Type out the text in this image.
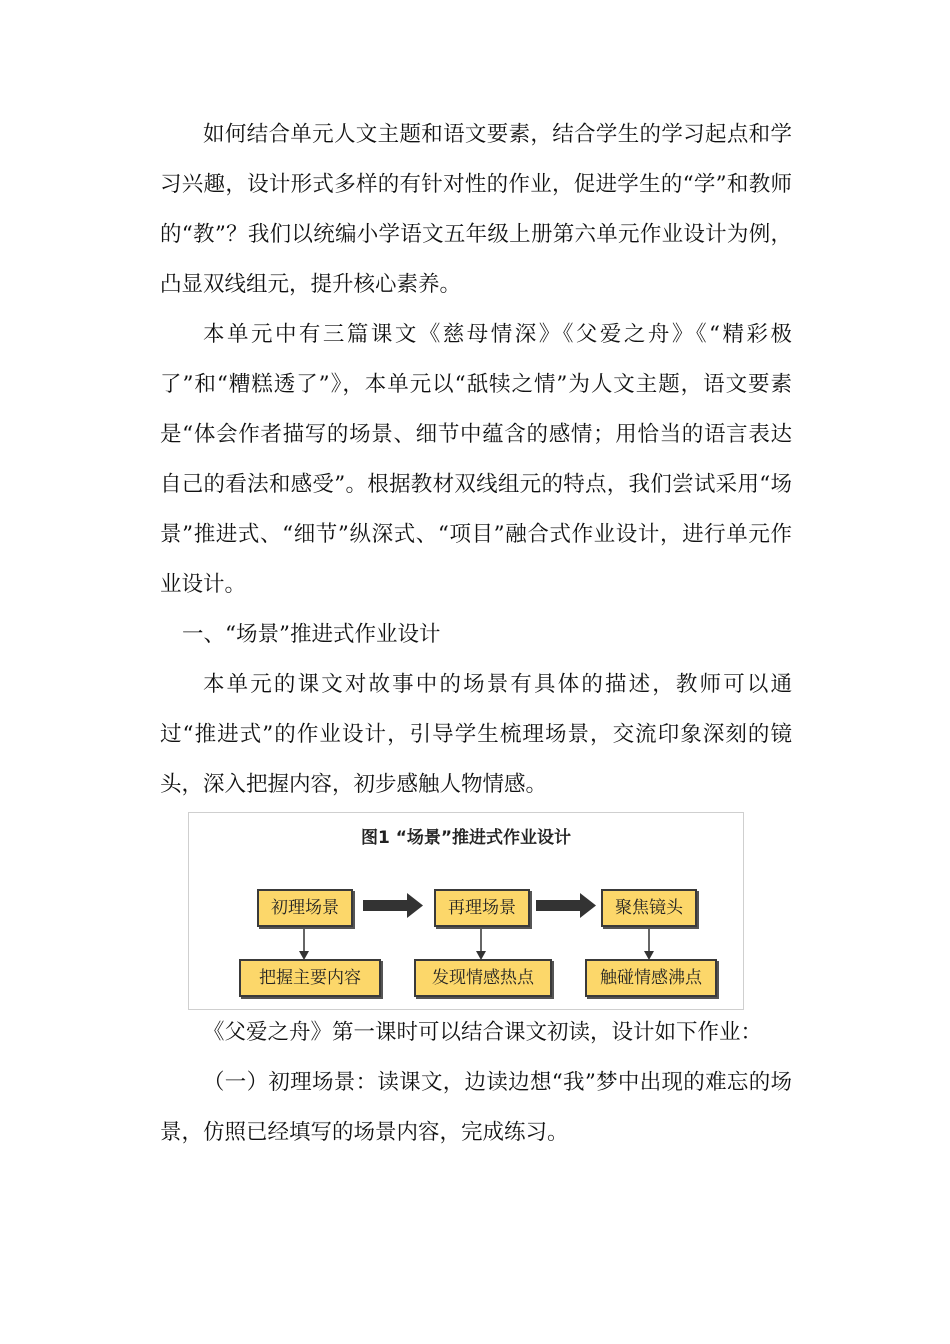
如何结合单元人文主题和语文要素，结合学生的学习起点和学习兴趣，设计形式多样的有针对性的作业，促进学生的“学”和教师的“教”？我们以统编小学语文五年级上册第六单元作业设计为例，凸显双线组元，提升核心素养。

本单元中有三篇课文《慈母情深》《父爱之舟》《“精彩极了”和“糟糕透了”》，本单元以“舐犊之情”为人文主题，语文要素是“体会作者描写的场景、细节中蕴含的感情；用恰当的语言表达自己的看法和感受”。根据教材双线组元的特点，我们尝试采用“场景”推进式、“细节”纵深式、“项目”融合式作业设计，进行单元作业设计。

一、“场景”推进式作业设计

本单元的课文对故事中的场景有具体的描述，教师可以通过“推进式”的作业设计，引导学生梳理场景，交流印象深刻的镜头，深入把握内容，初步感触人物情感。

图1 “场景”推进式作业设计
初理场景	再理场景	聚焦镜头
把握主要内容	发现情感热点	触碰情感沸点

《父爱之舟》第一课时可以结合课文初读，设计如下作业：

（一）初理场景：读课文，边读边想“我”梦中出现的难忘的场景，仿照已经填写的场景内容，完成练习。
